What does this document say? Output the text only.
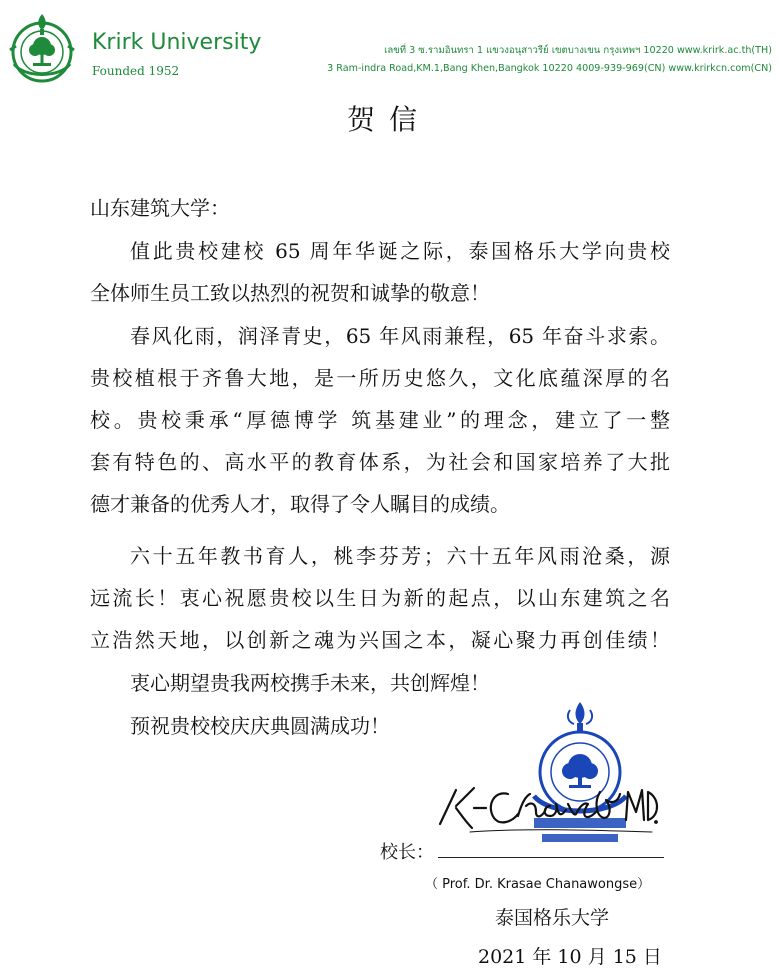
Krirk University
Founded 1952
เลขที่ 3 ซ.รามอินทรา 1 แขวงอนุสาวรีย์ เขตบางเขน กรุงเทพฯ 10220 www.krirk.ac.th(TH)
3 Ram-indra Road,KM.1,Bang Khen,Bangkok 10220 4009-939-969(CN) www.krirkcn.com(CN)
贺信
山东建筑大学：
值此贵校建校 65 周年华诞之际，泰国格乐大学向贵校
全体师生员工致以热烈的祝贺和诚挚的敬意！
春风化雨，润泽青史，65 年风雨兼程，65 年奋斗求索。
贵校植根于齐鲁大地，是一所历史悠久，文化底蕴深厚的名
校。贵校秉承“厚德博学 筑基建业”的理念，建立了一整
套有特色的、高水平的教育体系，为社会和国家培养了大批
德才兼备的优秀人才，取得了令人瞩目的成绩。
六十五年教书育人，桃李芬芳；六十五年风雨沧桑，源
远流长！衷心祝愿贵校以生日为新的起点，以山东建筑之名
立浩然天地，以创新之魂为兴国之本，凝心聚力再创佳绩！
衷心期望贵我两校携手未来，共创辉煌！
预祝贵校校庆庆典圆满成功！
校长：
（ Prof. Dr. Krasae Chanawongse）
泰国格乐大学
2021 年 10 月 15 日
